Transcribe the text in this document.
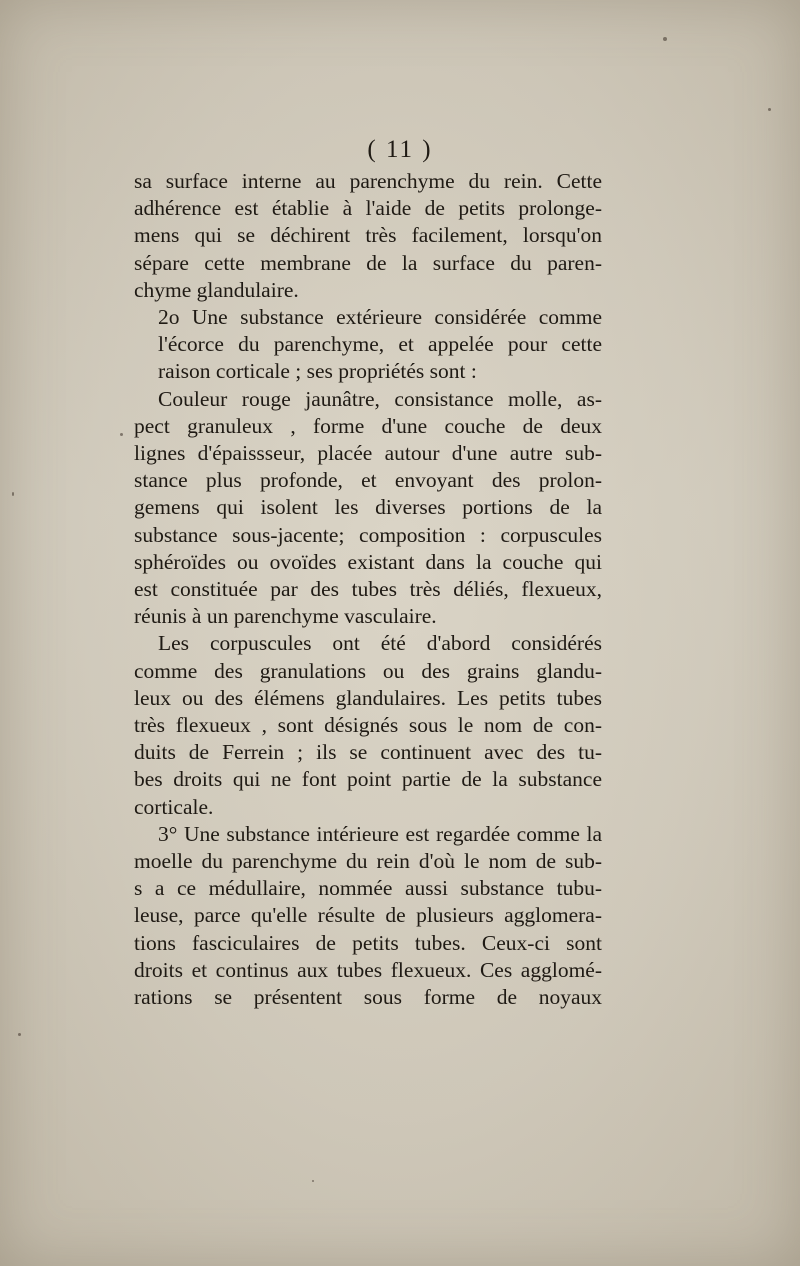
( 11 )

sa surface interne au parenchyme du rein. Cette
adhérence est établie à l'aide de petits prolonge-
mens qui se déchirent très facilement, lorsqu'on
sépare cette membrane de la surface du paren-
chyme glandulaire.

2o Une substance extérieure considérée comme
l'écorce du parenchyme, et appelée pour cette
raison corticale ; ses propriétés sont :

Couleur rouge jaunâtre, consistance molle, as-
pect granuleux , forme d'une couche de deux
lignes d'épaissseur, placée autour d'une autre sub-
stance plus profonde, et envoyant des prolon-
gemens qui isolent les diverses portions de la
substance sous-jacente; composition : corpuscules
sphéroïdes ou ovoïdes existant dans la couche qui
est constituée par des tubes très déliés, flexueux,
réunis à un parenchyme vasculaire.

Les corpuscules ont été d'abord considérés
comme des granulations ou des grains glandu-
leux ou des élémens glandulaires. Les petits tubes
très flexueux , sont désignés sous le nom de con-
duits de Ferrein ; ils se continuent avec des tu-
bes droits qui ne font point partie de la substance
corticale.

3° Une substance intérieure est regardée comme la
moelle du parenchyme du rein d'où le nom de sub-
s a ce médullaire, nommée aussi substance tubu-
leuse, parce qu'elle résulte de plusieurs agglomera-
tions fasciculaires de petits tubes. Ceux-ci sont
droits et continus aux tubes flexueux. Ces agglomé-
rations se présentent sous forme de noyaux
